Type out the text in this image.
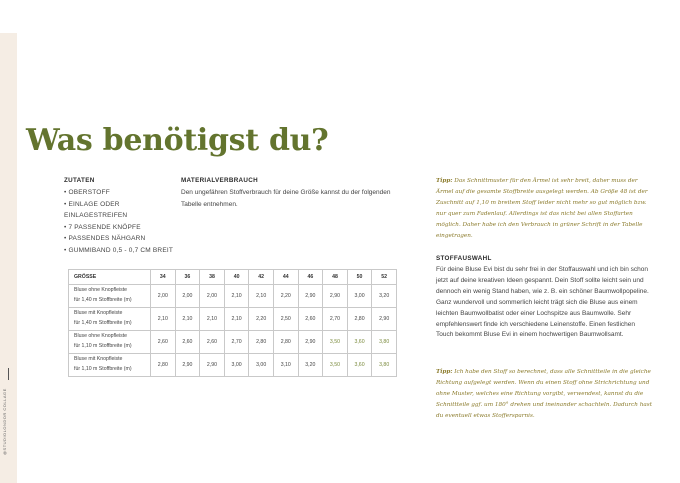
@STUDIOLONDOR COLLAGE
Was benötigst du?
ZUTATEN
• OBERSTOFF
• EINLAGE ODER
EINLAGESTREIFEN
• 7 PASSENDE KNÖPFE
• PASSENDES NÄHGARN
• GUMMIBAND 0,5 - 0,7 CM BREIT
MATERIALVERBRAUCH

Den ungefähren Stoffverbrauch für deine Größe kannst du der folgenden Tabelle entnehmen.

GRÖSSE	34	36	38	40	42	44	46	48	50	52
Bluse ohne Knopfleiste
für 1,40 m Stoffbreite (m)	2,00	2,00	2,00	2,10	2,10	2,20	2,90	2,90	3,00	3,20
Bluse mit Knopfleiste
für 1,40 m Stoffbreite (m)	2,10	2,10	2,10	2,10	2,20	2,50	2,60	2,70	2,80	2,90
Bluse ohne Knopfleiste
für 1,10 m Stoffbreite (m)	2,60	2,60	2,60	2,70	2,80	2,80	2,90	3,50	3,60	3,80
Bluse mit Knopfleiste
für 1,10 m Stoffbreite (m)	2,80	2,90	2,90	3,00	3,00	3,10	3,20	3,50	3,60	3,80

Tipp: Das Schnittmuster für den Ärmel ist sehr breit, daher muss der Ärmel auf die gesamte Stoffbreite ausgelegt werden. Ab Größe 48 ist der Zuschnitt auf 1,10 m breitem Stoff leider nicht mehr so gut möglich bzw. nur quer zum Fadenlauf. Allerdings ist das nicht bei allen Stoffarten möglich. Daher habe ich den Verbrauch in grüner Schrift in der Tabelle eingetragen.

STOFFAUSWAHL

Für deine Bluse Evi bist du sehr frei in der Stoffauswahl und ich bin schon jetzt auf deine kreativen Ideen gespannt. Dein Stoff sollte leicht sein und dennoch ein wenig Stand haben, wie z. B. ein schöner Baumwollpopeline. Ganz wundervoll und sommerlich leicht trägt sich die Bluse aus einem leichten Baumwollbatist oder einer Lochspitze aus Baumwolle. Sehr empfehlenswert finde ich verschiedene Leinenstoffe. Einen festlichen Touch bekommt Bluse Evi in einem hochwertigen Baumwollsamt.

Tipp: Ich habe den Stoff so berechnet, dass alle Schnittteile in die gleiche Richtung aufgelegt werden. Wenn du einen Stoff ohne Strichrichtung und ohne Muster, welches eine Richtung vorgibt, verwendest, kannst du die Schnittteile ggf. um 180° drehen und ineinander schachteln. Dadurch hast du eventuell etwas Stoffersparnis.
